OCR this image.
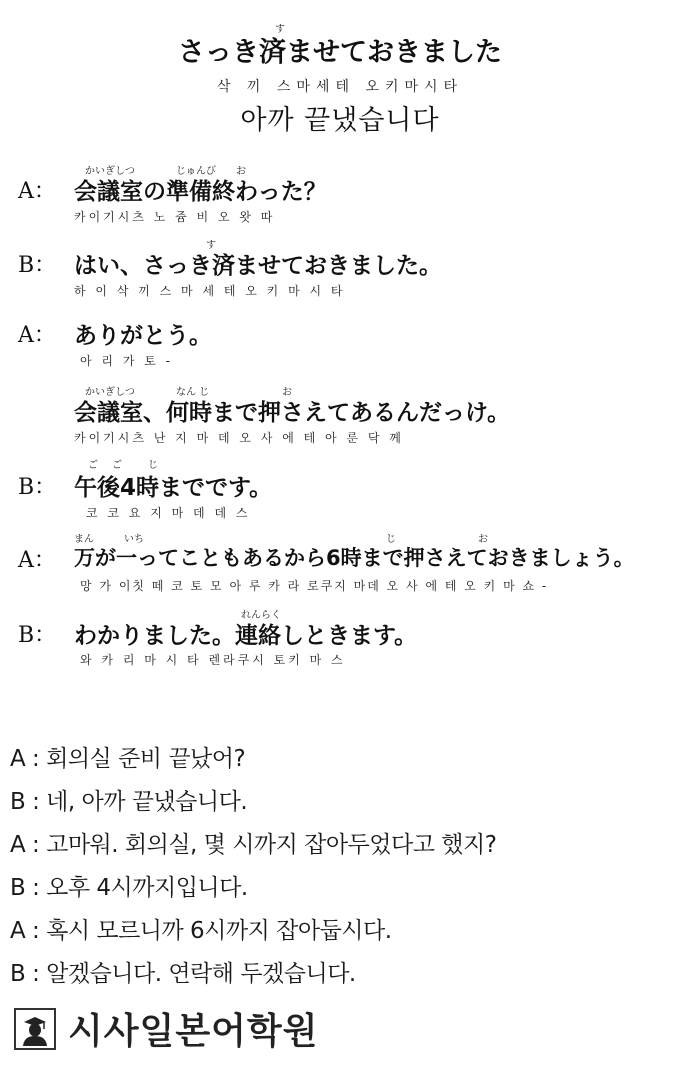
す
さっき済ませておきました
삭 끼 스마세테 오키마시타
아까 끝냈습니다
かいぎしつ	じゅんび お
A： 会議室の準備終わった？
카이기시츠 노 쥼 비 오 왓 따
す
B： はい、さっき済ませておきました。
하 이 삭 끼 스 마 세 테 오 키 마 시 타
A： ありがとう。
아 리 가 토 -
かいぎしつ	なん じ	お
会議室、何時まで押さえてあるんだっけ。
카이기시츠 난 지 마 데 오 사 에 테 아 룬 닥 께
ご ご	じ
B： 午後4時までです。
코 코 요 지 마 데 데 스
まん	いち	じ	お
A： 万が一ってこともあるから6時まで押さえておきましょう。
망 가 이칫 떼 코 토 모 아 루 카 라 로쿠지 마데 오 사 에 테 오 키 마 쇼 -
れんらく
B： わかりました。連絡しときます。
와 카 리 마 시 타 렌라쿠시 토키 마 스
A : 회의실 준비 끝났어?
B : 네, 아까 끝냈습니다.
A : 고마워. 회의실, 몇 시까지 잡아두었다고 했지?
B : 오후 4시까지입니다.
A : 혹시 모르니까 6시까지 잡아둡시다.
B : 알겠습니다. 연락해 두겠습니다.
시사일본어학원
